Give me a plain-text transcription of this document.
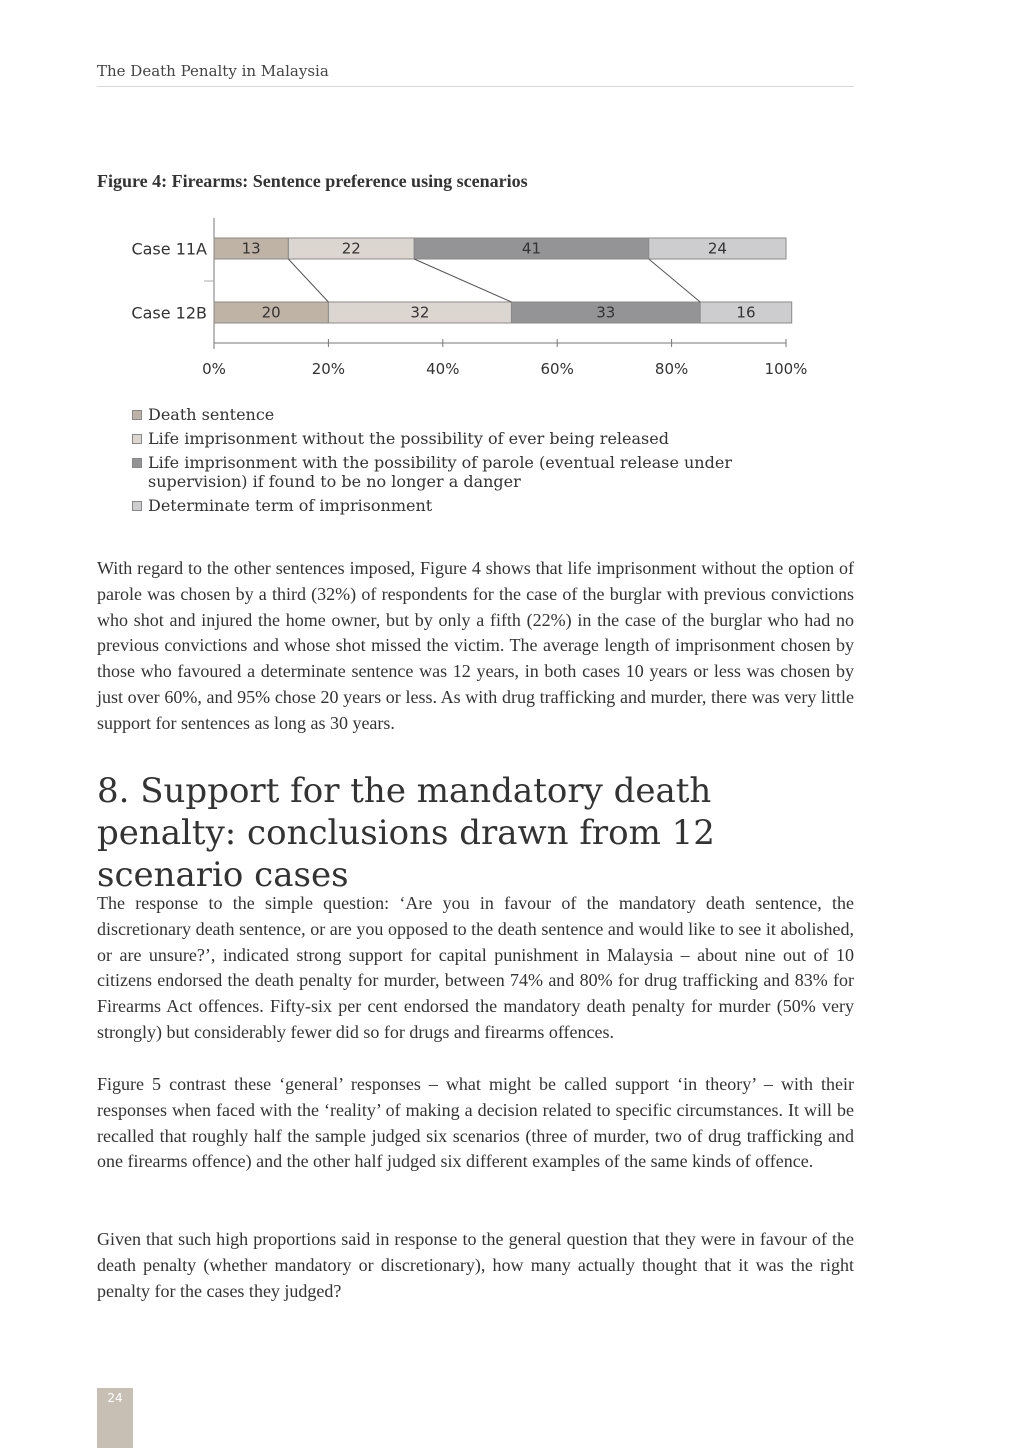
The Death Penalty in Malaysia
Figure 4: Firearms: Sentence preference using scenarios
0%	20%	40%	60%	80%	100%
Case 11A 13	22	41	24
Case 12B	20	32	33	16
Death sentence
Life imprisonment without the possibility of ever being released
Life imprisonment with the possibility of parole (eventual release under
supervision) if found to be no longer a danger
Determinate term of imprisonment

With regard to the other sentences imposed, Figure 4 shows that life imprisonment without the option of parole was chosen by a third (32%) of respondents for the case of the burglar with previous convictions who shot and injured the home owner, but by only a fifth (22%) in the case of the burglar who had no previous convictions and whose shot missed the victim. The average length of imprisonment chosen by those who favoured a determinate sentence was 12 years, in both cases 10 years or less was chosen by just over 60%, and 95% chose 20 years or less. As with drug trafficking and murder, there was very little support for sentences as long as 30 years.

8. Support for the mandatory death penalty: conclusions drawn from 12 scenario cases

The response to the simple question: ‘Are you in favour of the mandatory death sentence, the discretionary death sentence, or are you opposed to the death sentence and would like to see it abolished, or are unsure?’, indicated strong support for capital punishment in Malaysia – about nine out of 10 citizens endorsed the death penalty for murder, between 74% and 80% for drug trafficking and 83% for Firearms Act offences. Fifty-six per cent endorsed the mandatory death penalty for murder (50% very strongly) but considerably fewer did so for drugs and firearms offences.

Figure 5 contrast these ‘general’ responses – what might be called support ‘in theory’ – with their responses when faced with the ‘reality’ of making a decision related to specific circumstances. It will be recalled that roughly half the sample judged six scenarios (three of murder, two of drug trafficking and one firearms offence) and the other half judged six different examples of the same kinds of offence.

Given that such high proportions said in response to the general question that they were in favour of the death penalty (whether mandatory or discretionary), how many actually thought that it was the right penalty for the cases they judged?

24
